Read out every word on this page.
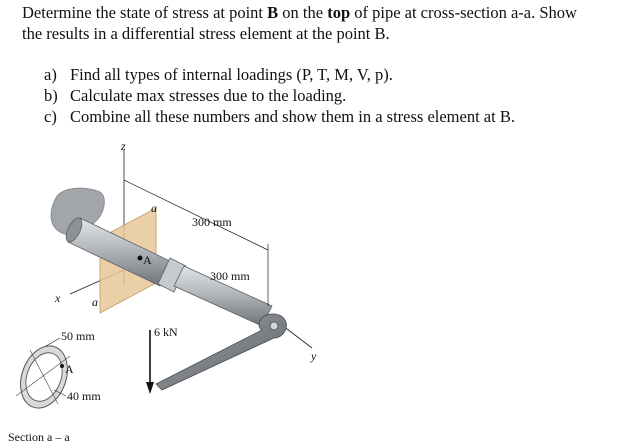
Determine the state of stress at point B on the top of pipe at cross-section a-a. Show
the results in a differential stress element at the point B.
a) Find all types of internal loadings (P, T, M, V, p).
b) Calculate max stresses due to the loading.
c) Combine all these numbers and show them in a stress element at B.
z
x
a
a
A
300 mm
300 mm
y
6 kN
50 mm
A
40 mm
Section a – a
